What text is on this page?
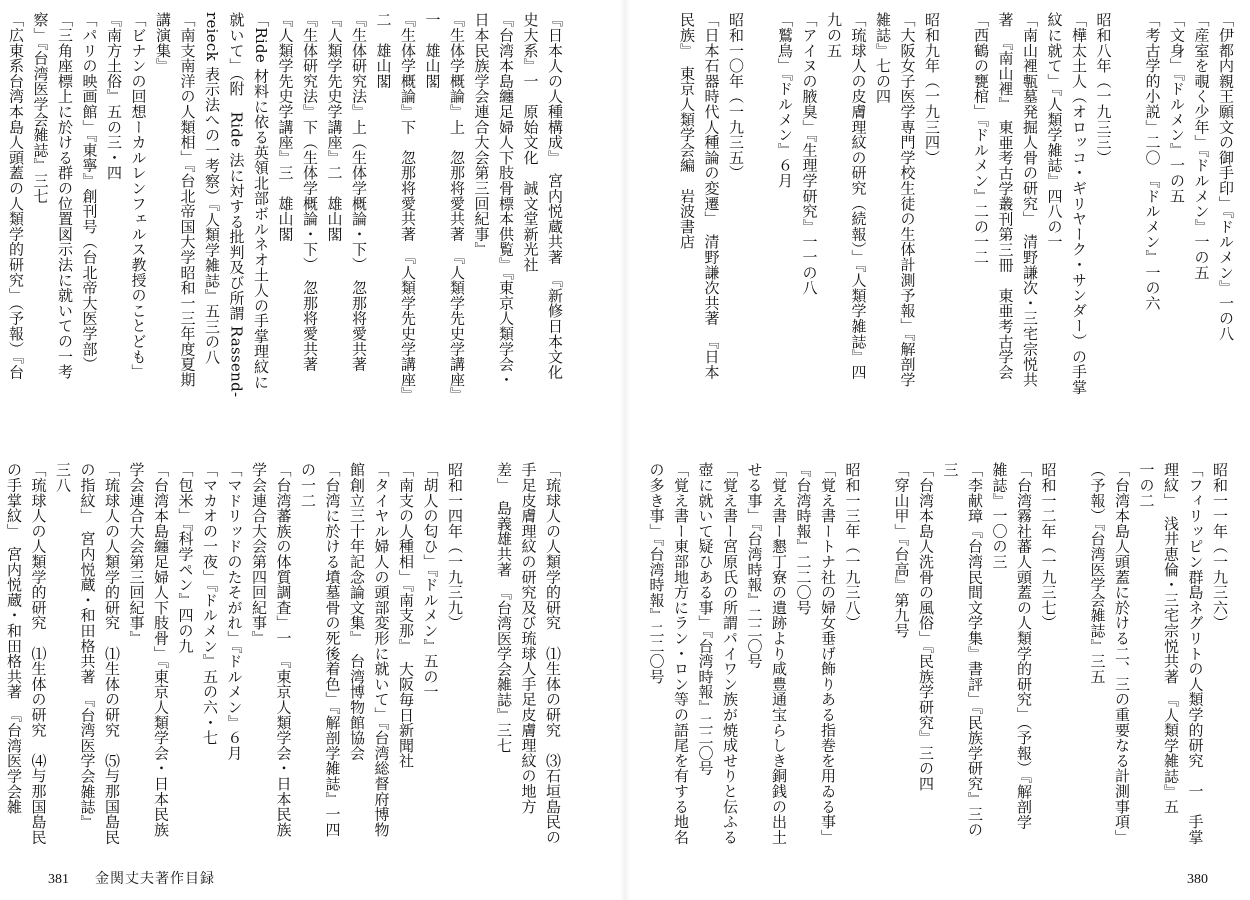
『日本人の人種構成』　宮内悦蔵共著　『新修日本文化
史大系』一　原始文化　誠文堂新光社
『台湾本島纏足婦人下肢骨標本供覧』『東京人類学会・
日本民族学会連合大会第三回紀事』
『生体学概論』上　忽那将愛共著　『人類学先史学講座』
一　雄山閣
『生体学概論』下　忽那将愛共著　『人類学先史学講座』
二　雄山閣
『生体研究法』上（生体学概論・下）　忽那将愛共著
『人類学先史学講座』二　雄山閣
『生体研究法』下（生体学概論・下）　忽那将愛共著
『人類学先史学講座』三　雄山閣
「Ride 材料に依る英領北部ボルネオ土人の手掌理紋に
就いて」（附　Ride 法に対する批判及び所謂 Rassend-
reieck 表示法への一考察）『人類学雑誌』五三の八
「南支南洋の人類相」『台北帝国大学昭和一三年度夏期
講演集』
「ビナンの回想ーカルレンフェルス教授のことども」
『南方土俗』五の三・四
「パリの映画館」『東寧』創刊号（台北帝大医学部）
「三角座標上に於ける群の位置図示法に就いての一考
察」『台湾医学会雑誌』三七
「広東系台湾本島人頭蓋の人類学的研究」（予報）『台
「琉球人の人類学的研究　⑴生体の研究　⑶石垣島民の
手足皮膚理紋の研究及び琉球人手足皮膚理紋の地方
差」　島義雄共著　『台湾医学会雑誌』三七

昭和一四年（一九三九）
「胡人の匂ひ」『ドルメン』五の一
「南支の人種相」『南支那』　大阪毎日新聞社
「タイヤル婦人の頭部変形に就いて」『台湾総督府博物
館創立三十年記念論文集』　台湾博物館協会
「台湾に於ける墳墓骨の死後着色」『解剖学雑誌』一四
の一二
「台湾蕃族の体質調査」一　『東京人類学会・日本民族
学会連合大会第四回紀事』
「マドリッドのたそがれ」『ドルメン』６月
「マカオの一夜」『ドルメン』五の六・七
「包米」『科学ペン』四の九
「台湾本島纏足婦人下肢骨」『東京人類学会・日本民族
学会連合大会第三回紀事』
「琉球人の人類学的研究　⑴生体の研究　⑸与那国島民
の指紋」　宮内悦蔵・和田格共著　『台湾医学会雑誌』
三八
「琉球人の人類学的研究　⑴生体の研究　⑷与那国島民
の手掌紋」　宮内悦蔵・和田格共著　『台湾医学会雑
381 金関丈夫著作目録
「伊都内親王願文の御手印」『ドルメン』一の八
「産室を覗く少年」『ドルメン』一の五
「文身」『ドルメン』一の五
「考古学的小説」二〇　『ドルメン』一の六

昭和八年（一九三三）
「樺太土人（オロッコ・ギリヤーク・サンダー）の手掌
紋に就て」『人類学雑誌』四八の一
「南山裡甎墓発掘人骨の研究」　清野謙次・三宅宗悦共
著　『南山裡』　東亜考古学叢刊第三冊　東亜考古学会
「西鶴の甕棺」『ドルメン』二の一二

昭和九年（一九三四）
「大阪女子医学専門学校生徒の生体計測予報」『解剖学
雑誌』七の四
「琉球人の皮膚理紋の研究（続報）」『人類学雑誌』四
九の五
「アイヌの腋臭」『生理学研究』一一の八
「鷲鳥」『ドルメン』６月

昭和一〇年（一九三五）
「日本石器時代人種論の変遷」　清野謙次共著　『日本
民族』　東京人類学会編　岩波書店
昭和一一年（一九三六）
「フィリッピン群島ネグリトの人類学的研究　一　手掌
理紋」　浅井恵倫・三宅宗悦共著　『人類学雑誌』五
一の二
「台湾本島人頭蓋に於ける二、三の重要なる計測事項」
（予報）『台湾医学会雑誌』三五

昭和一二年（一九三七）
「台湾霧社蕃人頭蓋の人類学的研究」（予報）『解剖学
雑誌』一〇の三
「李献璋『台湾民間文学集』書評」『民族学研究』三の
三
「台湾本島人洗骨の風俗」『民族学研究』三の四
「穿山甲」『台高』第九号

昭和一三年（一九三八）
「覚え書ートナ社の婦女垂げ飾りある指巻を用ゐる事」
『台湾時報』二二〇号
「覚え書ー懇丁寮の遺跡より咸豊通宝らしき銅銭の出土
せる事」『台湾時報』二二〇号
「覚え書ー宮原氏の所謂パイワン族が焼成せりと伝ふる
壺に就いて疑ひある事」『台湾時報』二二〇号
「覚え書ー東部地方にラン・ロン等の語尾を有する地名
の多き事」『台湾時報』二二〇号
380
